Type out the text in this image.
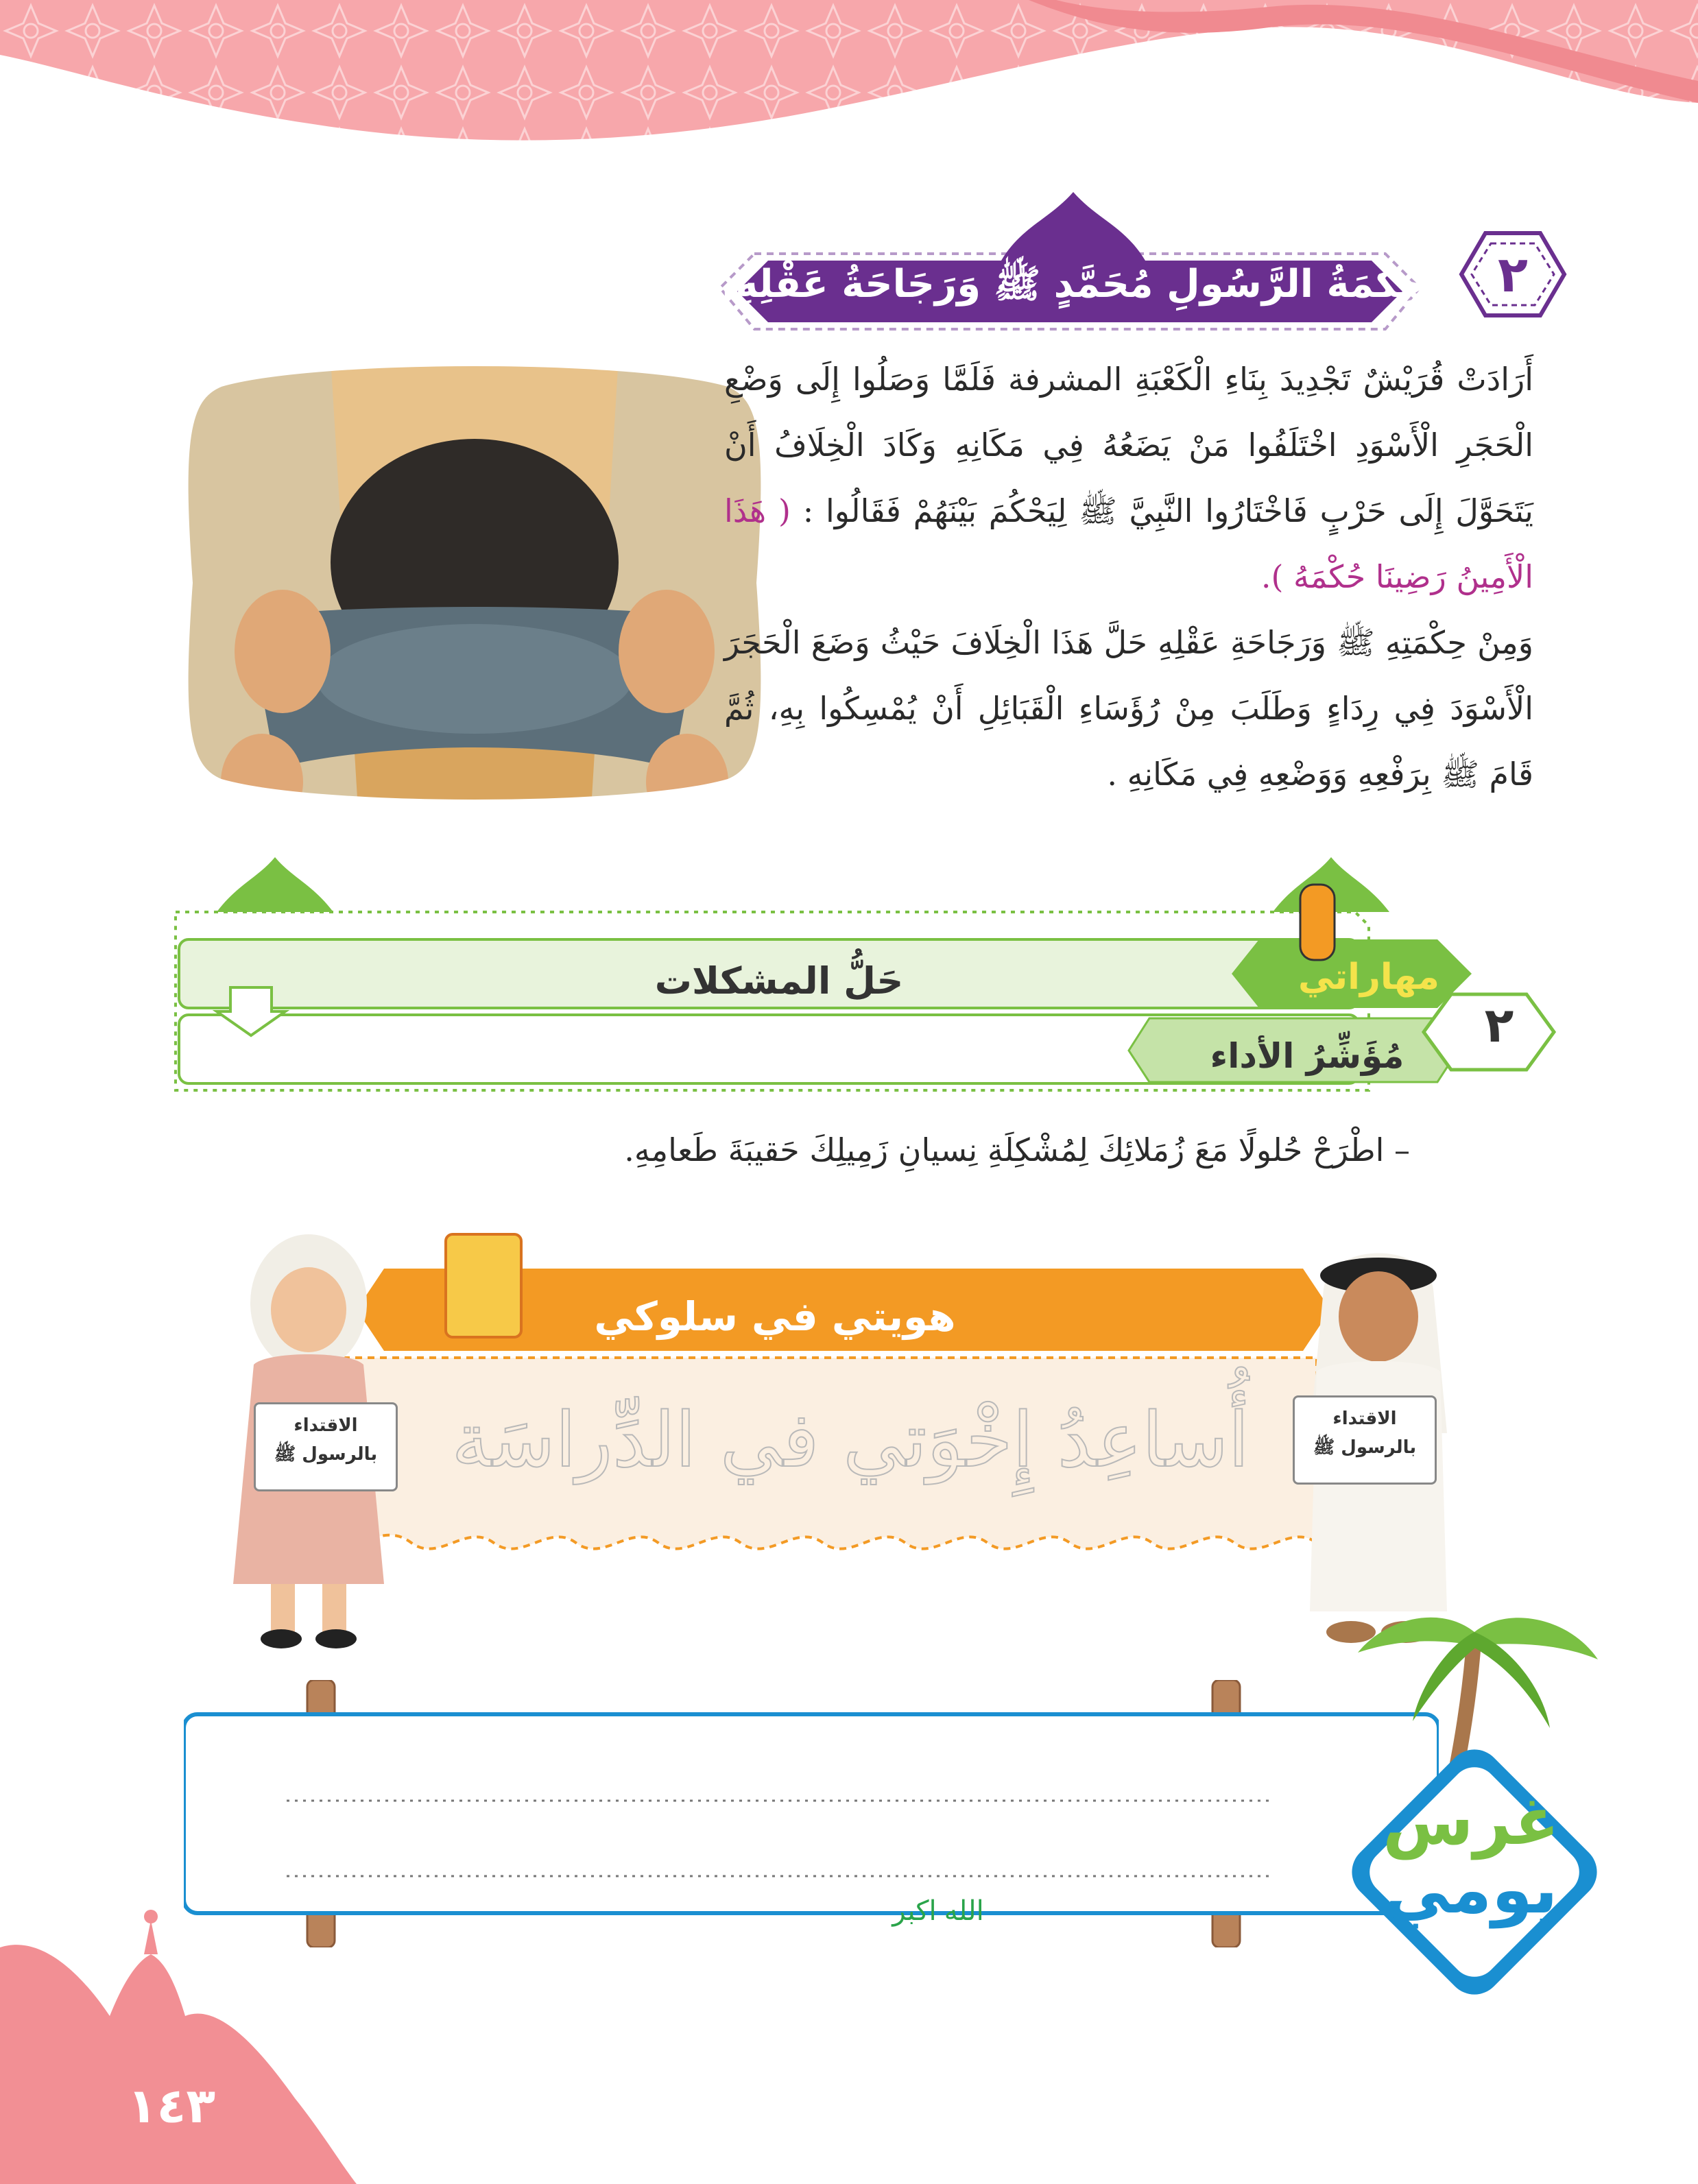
٢
حِكْمَةُ الرَّسُولِ مُحَمَّدٍ ﷺ وَرَجَاحَةُ عَقْلِهِ.

أَرَادَتْ قُرَيْشٌ تَجْدِيدَ بِنَاءِ الْكَعْبَةِ المشرفة فَلَمَّا وَصَلُوا إِلَى وَضْعِ الْحَجَرِ الْأَسْوَدِ اخْتَلَفُوا مَنْ يَضَعُهُ فِي مَكَانِهِ وَكَادَ الْخِلَافُ أَنْ يَتَحَوَّلَ إِلَى حَرْبٍ فَاخْتَارُوا النَّبِيَّ ﷺ لِيَحْكُمَ بَيْنَهُمْ فَقَالُوا : ( هَذَا الْأَمِينُ رَضِينَا حُكْمَهُ ).

وَمِنْ حِكْمَتِهِ ﷺ وَرَجَاحَةِ عَقْلِهِ حَلَّ هَذَا الْخِلَافَ حَيْثُ وَضَعَ الْحَجَرَ الْأَسْوَدَ فِي رِدَاءٍ وَطَلَبَ مِنْ رُؤَسَاءِ الْقَبَائِلِ أَنْ يُمْسِكُوا بِهِ، ثُمَّ قَامَ ﷺ بِرَفْعِهِ وَوَضْعِهِ فِي مَكَانِهِ .

حَلُّ المشكلات	مهاراتي
مُؤَشِّرُ الأداء
٢
– اطْرَحْ حُلولًا مَعَ زُمَلائِكَ لِمُشْكِلَةِ نِسيانِ زَمِيلِكَ حَقيبَةَ طَعامِهِ.
هويتي في سلوكي
أُساعِدُ إِخْوَتي في الدِّراسَة
الاقتداء
بالرسول ﷺ
الاقتداء
بالرسول ﷺ
الله اكبر
غرس
يومي
١٤٣
